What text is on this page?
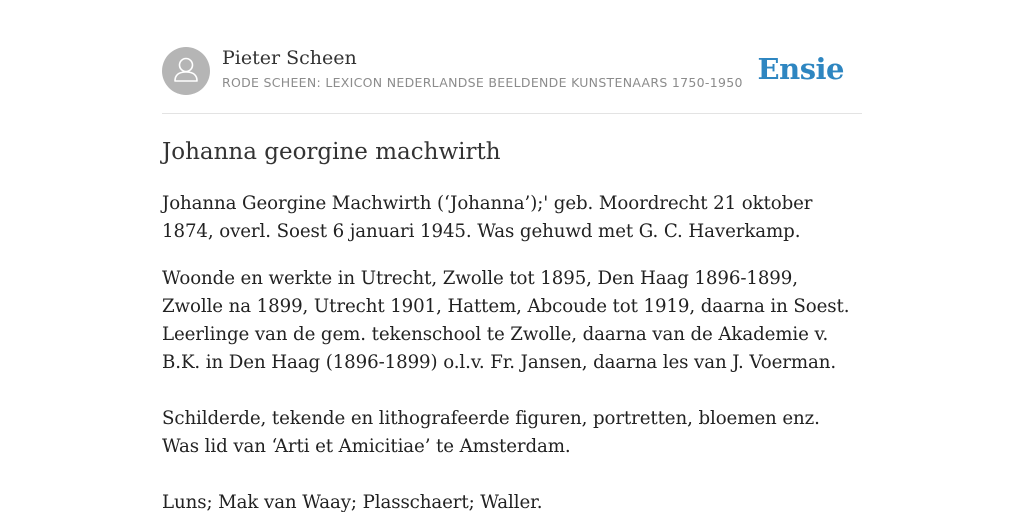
Pieter Scheen
RODE SCHEEN: LEXICON NEDERLANDSE BEELDENDE KUNSTENAARS 1750-1950 Ensie
Johanna georgine machwirth

Johanna Georgine Machwirth (‘Johanna’);' geb. Moordrecht 21 oktober 1874, overl. Soest 6 januari 1945. Was gehuwd met G. C. Haverkamp.

Woonde en werkte in Utrecht, Zwolle tot 1895, Den Haag 1896-1899, Zwolle na 1899, Utrecht 1901, Hattem, Abcoude tot 1919, daarna in Soest. Leerlinge van de gem. tekenschool te Zwolle, daarna van de Akademie v. B.K. in Den Haag (1896-1899) o.l.v. Fr. Jansen, daarna les van J. Voerman.

Schilderde, tekende en lithografeerde figuren, portretten, bloemen enz. Was lid van ‘Arti et Amicitiae’ te Amsterdam.

Luns; Mak van Waay; Plasschaert; Waller.
